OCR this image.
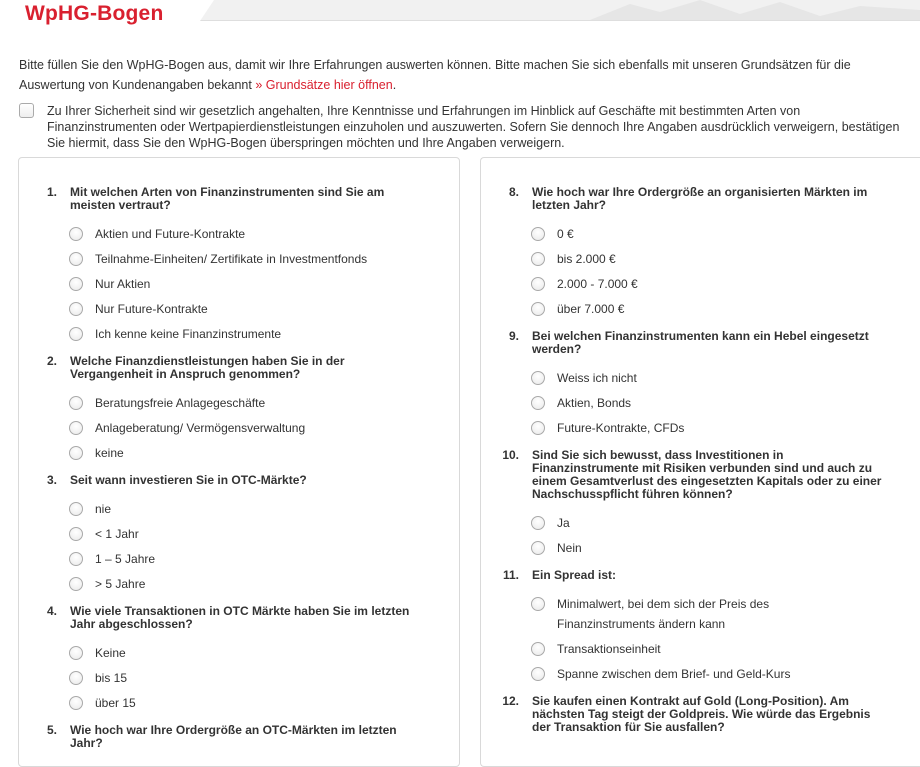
WpHG-Bogen

Bitte füllen Sie den WpHG-Bogen aus, damit wir Ihre Erfahrungen auswerten können. Bitte machen Sie sich ebenfalls mit unseren Grundsätzen für die Auswertung von Kundenangaben bekannt » Grundsätze hier öffnen.

Zu Ihrer Sicherheit sind wir gesetzlich angehalten, Ihre Kenntnisse und Erfahrungen im Hinblick auf Geschäfte mit bestimmten Arten von Finanzinstrumenten oder Wertpapierdienstleistungen einzuholen und auszuwerten. Sofern Sie dennoch Ihre Angaben ausdrücklich verweigern, bestätigen Sie hiermit, dass Sie den WpHG-Bogen überspringen möchten und Ihre Angaben verweigern.

1. Mit welchen Arten von Finanzinstrumenten sind Sie am meisten vertraut?

Aktien und Future-Kontrakte
Teilnahme-Einheiten/ Zertifikate in Investmentfonds
Nur Aktien
Nur Future-Kontrakte
Ich kenne keine Finanzinstrumente
2. Welche Finanzdienstleistungen haben Sie in der Vergangenheit in Anspruch genommen?

Beratungsfreie Anlagegeschäfte
Anlageberatung/ Vermögensverwaltung
keine
3. Seit wann investieren Sie in OTC-Märkte?

nie
< 1 Jahr
1 – 5 Jahre
> 5 Jahre
4. Wie viele Transaktionen in OTC Märkte haben Sie im letzten Jahr abgeschlossen?

Keine
bis 15
über 15
5. Wie hoch war Ihre Ordergröße an OTC-Märkten im letzten Jahr?

8. Wie hoch war Ihre Ordergröße an organisierten Märkten im letzten Jahr?

0 €
bis 2.000 €
2.000 - 7.000 €
über 7.000 €
9. Bei welchen Finanzinstrumenten kann ein Hebel eingesetzt werden?

Weiss ich nicht
Aktien, Bonds
Future-Kontrakte, CFDs
10. Sind Sie sich bewusst, dass Investitionen in Finanzinstrumente mit Risiken verbunden sind und auch zu einem Gesamtverlust des eingesetzten Kapitals oder zu einer Nachschusspflicht führen können?

Ja
Nein
11. Ein Spread ist:

Minimalwert, bei dem sich der Preis des Finanzinstruments ändern kann
Transaktionseinheit
Spanne zwischen dem Brief- und Geld-Kurs
12. Sie kaufen einen Kontrakt auf Gold (Long-Position). Am nächsten Tag steigt der Goldpreis. Wie würde das Ergebnis der Transaktion für Sie ausfallen?
